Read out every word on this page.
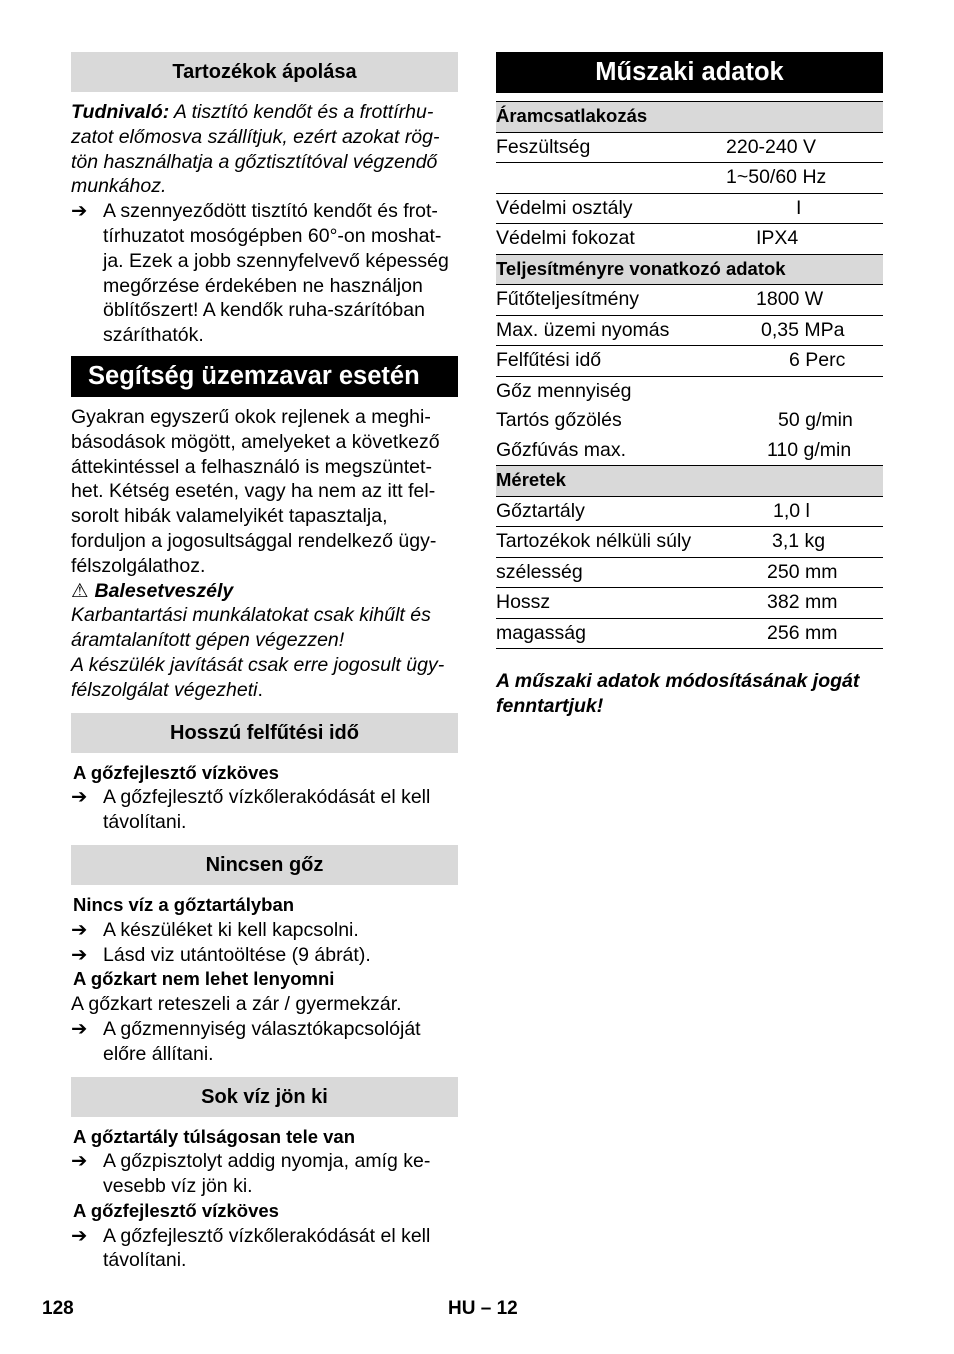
Tartozékok ápolása

Tudnivaló: A tisztító kendőt és a frottírhu-zatot előmosva szállítjuk, ezért azokat rög-tön használhatja a gőztisztítóval végzendő munkához.

➔ A szennyeződött tisztító kendőt és frot-tírhuzatot mosógépben 60°-on moshat-ja. Ezek a jobb szennyfelvevő képesség megőrzése érdekében ne használjon öblítőszert! A kendők ruha-szárítóban száríthatók.
Segítség üzemzavar esetén

Gyakran egyszerű okok rejlenek a meghi-básodások mögött, amelyeket a következő áttekintéssel a felhasználó is megszüntet-het. Kétség esetén, vagy ha nem az itt fel-sorolt hibák valamelyikét tapasztalja, forduljon a jogosultsággal rendelkező ügy-félszolgálathoz.

⚠ Balesetveszély

Karbantartási munkálatokat csak kihűlt és áramtalanított gépen végezzen!

A készülék javítását csak erre jogosult ügy-félszolgálat végezheti.

Hosszú felfűtési idő
A gőzfejlesztő vízköves
➔ A gőzfejlesztő vízkőlerakódását el kell távolítani.
Nincsen gőz
Nincs víz a gőztartályban
➔ A készüléket ki kell kapcsolni.
➔ Lásd viz utántoöltése (9 ábrát).
A gőzkart nem lehet lenyomni

A gőzkart reteszeli a zár / gyermekzár.

➔ A gőzmennyiség választókapcsolóját előre állítani.
Sok víz jön ki
A gőztartály túlságosan tele van
➔ A gőzpisztolyt addig nyomja, amíg ke-vesebb víz jön ki.
A gőzfejlesztő vízköves
➔ A gőzfejlesztő vízkőlerakódását el kell távolítani.
Műszaki adatok
Áramcsatlakozás	
Feszültség	220-240 V
	1~50/60 Hz
Védelmi osztály	I
Védelmi fokozat	IPX4
Teljesítményre vonatkozó adatok	
Fűtőteljesítmény	1800 W
Max. üzemi nyomás	0,35 MPa
Felfűtési idő	6 Perc
Gőz mennyiség	
Tartós gőzölés	50 g/min
Gőzfúvás max.	110 g/min
Méretek	
Gőztartály	1,0 l
Tartozékok nélküli súly	3,1 kg
szélesség	250 mm
Hossz	382 mm
magasság	256 mm

A műszaki adatok módosításának jogát fenntartjuk!

128	HU – 12
